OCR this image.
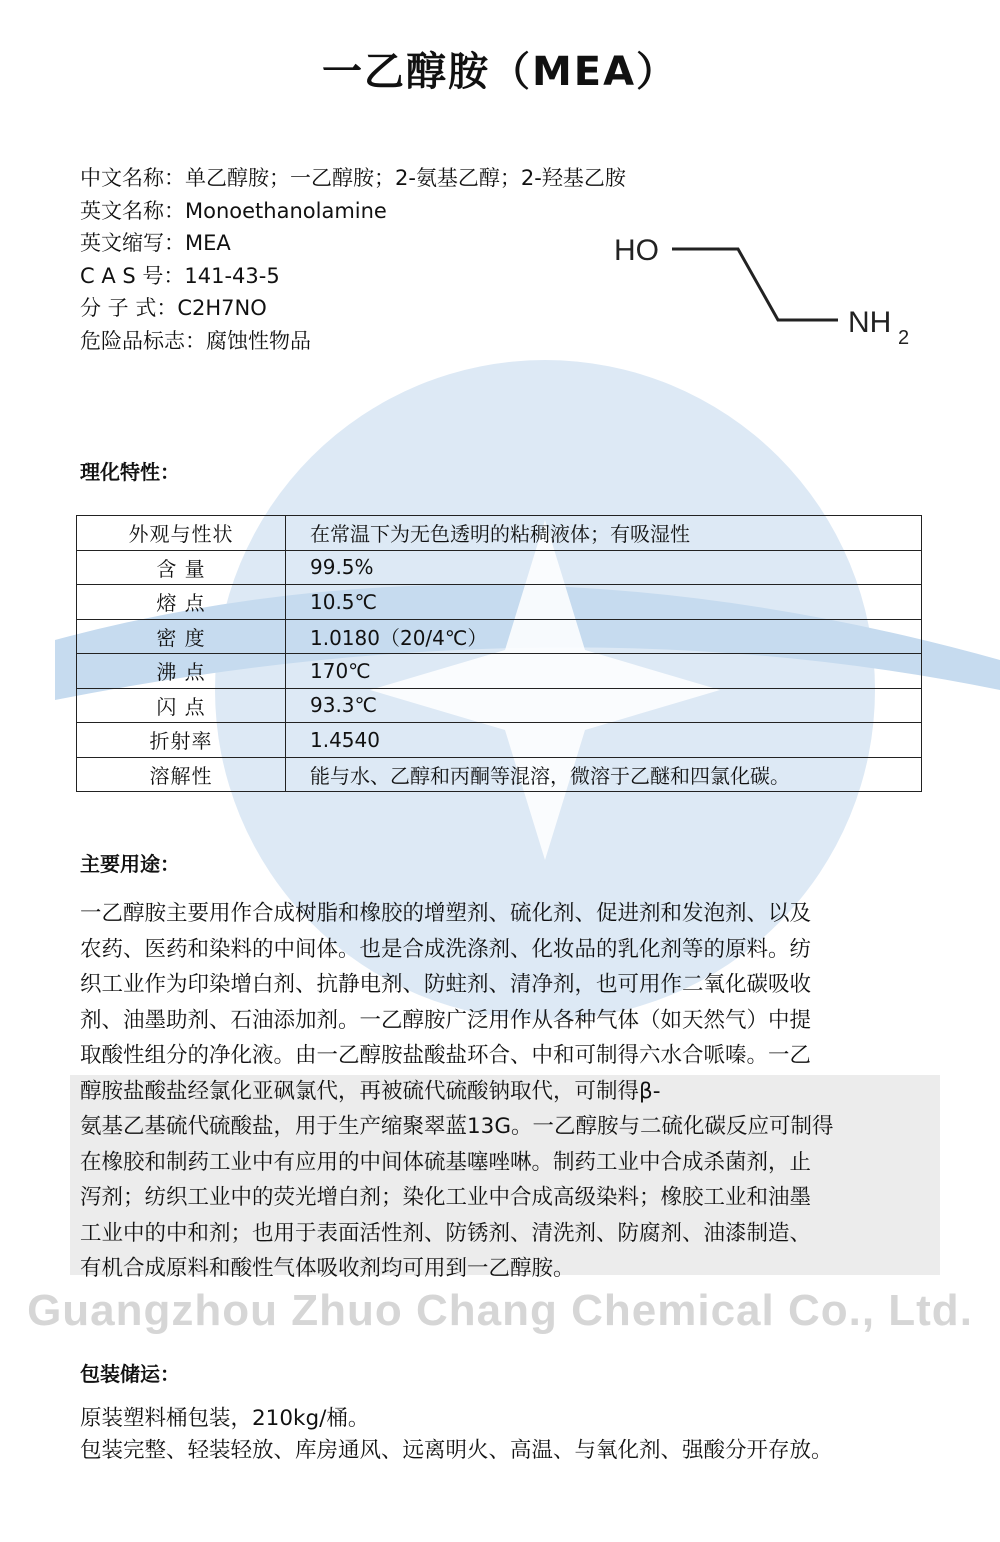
Guangzhou Zhuo Chang Chemical Co., Ltd.
一乙醇胺（MEA）
中文名称：单乙醇胺；一乙醇胺；2-氨基乙醇；2-羟基乙胺
英文名称：Monoethanolamine
英文缩写：MEA
C A S 号：141-43-5
分 子 式：C2H7NO
危险品标志：腐蚀性物品
HO
NH 2
理化特性：
外观与性状	在常温下为无色透明的粘稠液体；有吸湿性
含 量	99.5%
熔 点	10.5℃
密 度	1.0180（20/4℃）
沸 点	170℃
闪 点	93.3℃
折射率	1.4540
溶解性	能与水、乙醇和丙酮等混溶，微溶于乙醚和四氯化碳。
主要用途：

一乙醇胺主要用作合成树脂和橡胶的增塑剂、硫化剂、促进剂和发泡剂、以及

农药、医药和染料的中间体。也是合成洗涤剂、化妆品的乳化剂等的原料。纺

织工业作为印染增白剂、抗静电剂、防蛀剂、清净剂，也可用作二氧化碳吸收

剂、油墨助剂、石油添加剂。一乙醇胺广泛用作从各种气体（如天然气）中提

取酸性组分的净化液。由一乙醇胺盐酸盐环合、中和可制得六水合哌嗪。一乙

醇胺盐酸盐经氯化亚砜氯代，再被硫代硫酸钠取代，可制得β-

氨基乙基硫代硫酸盐，用于生产缩聚翠蓝13G。一乙醇胺与二硫化碳反应可制得

在橡胶和制药工业中有应用的中间体硫基噻唑啉。制药工业中合成杀菌剂，止

泻剂；纺织工业中的荧光增白剂；染化工业中合成高级染料；橡胶工业和油墨

工业中的中和剂；也用于表面活性剂、防锈剂、清洗剂、防腐剂、油漆制造、

有机合成原料和酸性气体吸收剂均可用到一乙醇胺。

包装储运：

原装塑料桶包装，210kg/桶。

包装完整、轻装轻放、库房通风、远离明火、高温、与氧化剂、强酸分开存放。
